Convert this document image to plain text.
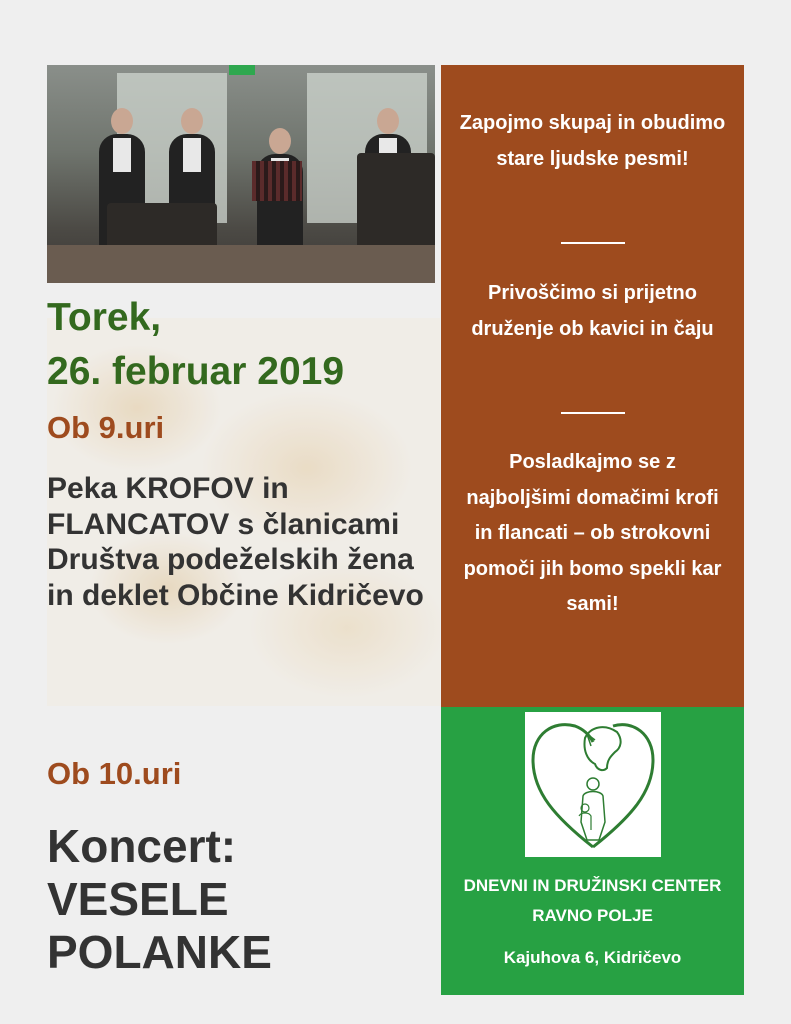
Torek,
26. februar 2019
Ob 9.uri
Peka KROFOV in FLANCATOV s članicami Društva podeželskih žena in deklet Občine Kidričevo
Ob 10.uri
Koncert:
VESELE POLANKE

Zapojmo skupaj in obudimo stare ljudske pesmi!

Privoščimo si prijetno druženje ob kavici in čaju

Posladkajmo se z najboljšimi domačimi krofi in flancati – ob strokovni pomoči jih bomo spekli kar sami!

DNEVNI IN DRUŽINSKI CENTER RAVNO POLJE
Kajuhova 6, Kidričevo
